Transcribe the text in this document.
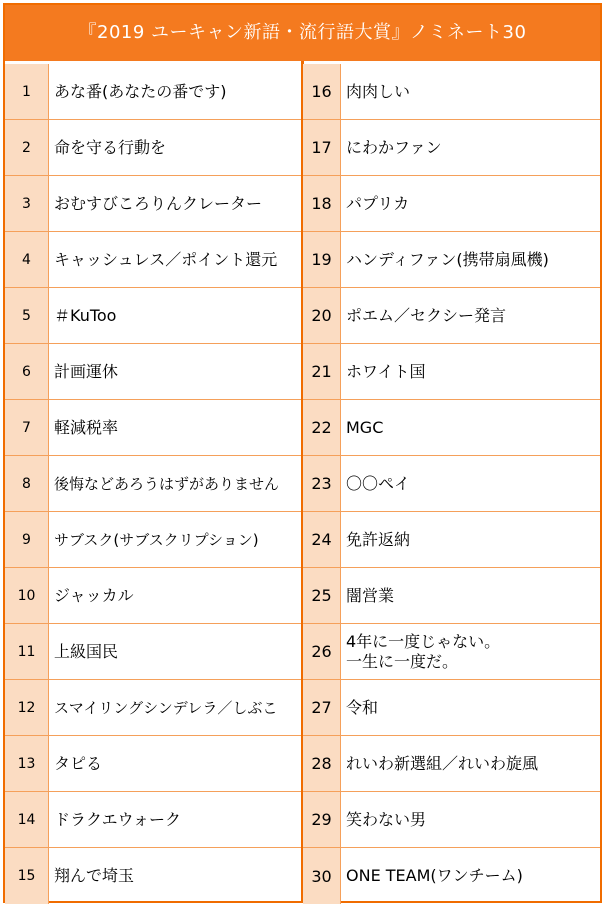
『2019 ユーキャン新語・流行語大賞』ノミネート30
1	あな番(あなたの番です)
2	命を守る行動を
3	おむすびころりんクレーター
4	キャッシュレス／ポイント還元
5	＃KuToo
6	計画運休
7	軽減税率
8	後悔などあろうはずがありません
9	サブスク(サブスクリプション)
10	ジャッカル
11	上級国民
12	スマイリングシンデレラ／しぶこ
13	タピる
14	ドラクエウォーク
15	翔んで埼玉
16 肉肉しい
17 にわかファン
18 パプリカ
19 ハンディファン(携帯扇風機)
20 ポエム／セクシー発言
21 ホワイト国
22 MGC
23 〇〇ペイ
24 免許返納
25 闇営業
26
4年に一度じゃない。
一生に一度だ。
27 令和
28 れいわ新選組／れいわ旋風
29 笑わない男
30 ONE TEAM(ワンチーム)
